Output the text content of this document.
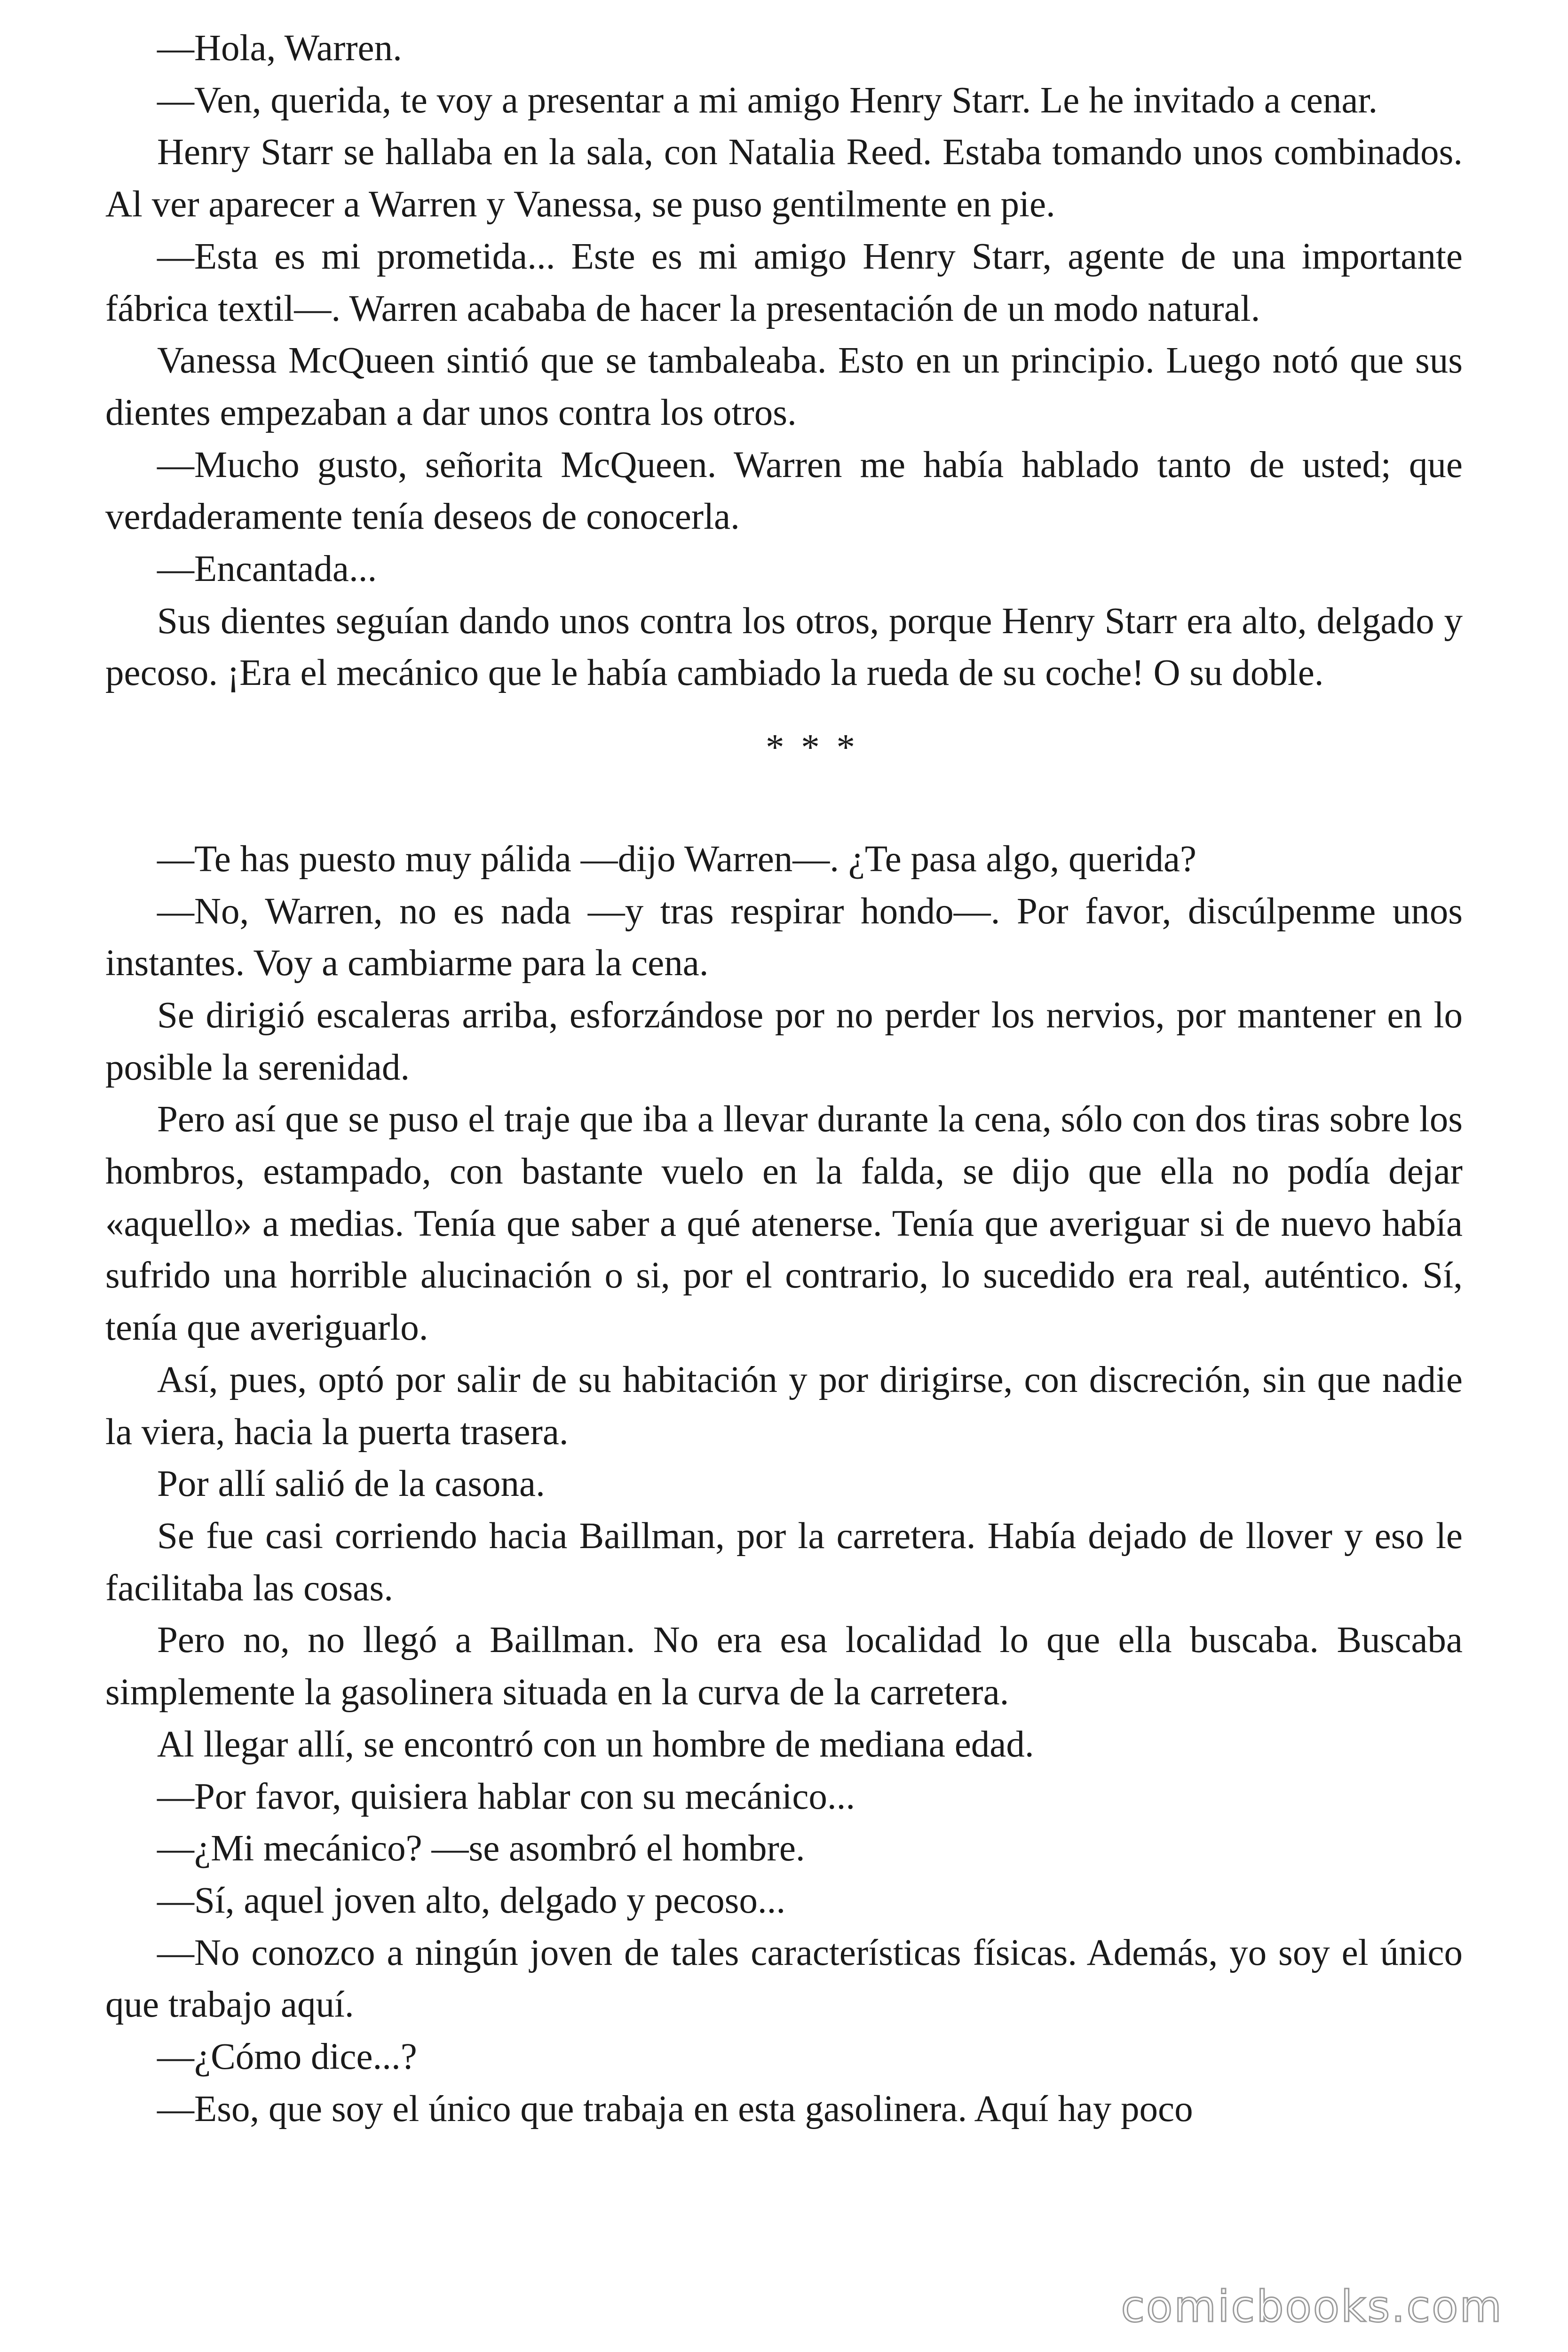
—Hola, Warren.

—Ven, querida, te voy a presentar a mi amigo Henry Starr. Le he invitado a cenar.

Henry Starr se hallaba en la sala, con Natalia Reed. Estaba tomando unos combinados. Al ver aparecer a Warren y Vanessa, se puso gentilmente en pie.

—Esta es mi prometida... Este es mi amigo Henry Starr, agente de una importante fábrica textil—. Warren acababa de hacer la presentación de un modo natural.

Vanessa McQueen sintió que se tambaleaba. Esto en un principio. Luego notó que sus dientes empezaban a dar unos contra los otros.

—Mucho gusto, señorita McQueen. Warren me había hablado tanto de usted; que verdaderamente tenía deseos de conocerla.

—Encantada...

Sus dientes seguían dando unos contra los otros, porque Henry Starr era alto, delgado y pecoso. ¡Era el mecánico que le había cambiado la rueda de su coche! O su doble.

* * *

—Te has puesto muy pálida —dijo Warren—. ¿Te pasa algo, querida?

—No, Warren, no es nada —y tras respirar hondo—. Por favor, discúlpenme unos instantes. Voy a cambiarme para la cena.

Se dirigió escaleras arriba, esforzándose por no perder los nervios, por mantener en lo posible la serenidad.

Pero así que se puso el traje que iba a llevar durante la cena, sólo con dos tiras sobre los hombros, estampado, con bastante vuelo en la falda, se dijo que ella no podía dejar «aquello» a medias. Tenía que saber a qué atenerse. Tenía que averiguar si de nuevo había sufrido una horrible alucinación o si, por el contrario, lo sucedido era real, auténtico. Sí, tenía que averiguarlo.

Así, pues, optó por salir de su habitación y por dirigirse, con discreción, sin que nadie la viera, hacia la puerta trasera.

Por allí salió de la casona.

Se fue casi corriendo hacia Baillman, por la carretera. Había dejado de llover y eso le facilitaba las cosas.

Pero no, no llegó a Baillman. No era esa localidad lo que ella buscaba. Buscaba simplemente la gasolinera situada en la curva de la carretera.

Al llegar allí, se encontró con un hombre de mediana edad.

—Por favor, quisiera hablar con su mecánico...

—¿Mi mecánico? —se asombró el hombre.

—Sí, aquel joven alto, delgado y pecoso...

—No conozco a ningún joven de tales características físicas. Además, yo soy el único que trabajo aquí.

—¿Cómo dice...?

—Eso, que soy el único que trabaja en esta gasolinera. Aquí hay poco

comicbooks.com
